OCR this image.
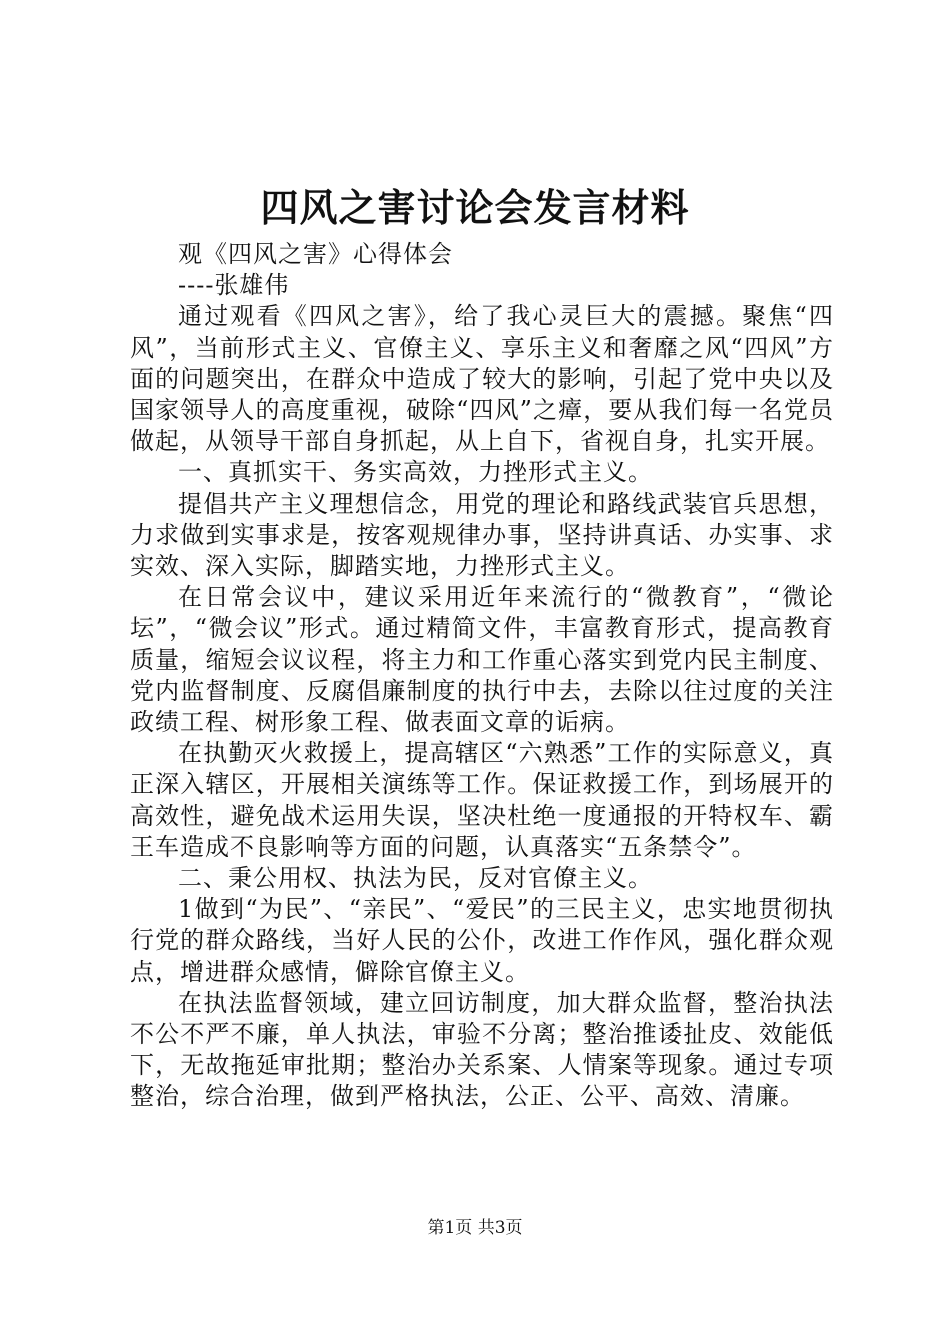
四风之害讨论会发言材料

观《四风之害》心得体会

----张雄伟

通过观看《四风之害》，给了我心灵巨大的震撼。聚焦“四风”，当前形式主义、官僚主义、享乐主义和奢靡之风“四风”方面的问题突出，在群众中造成了较大的影响，引起了党中央以及国家领导人的高度重视，破除“四风”之瘴，要从我们每一名党员做起，从领导干部自身抓起，从上自下，省视自身，扎实开展。

一、真抓实干、务实高效，力挫形式主义。

提倡共产主义理想信念，用党的理论和路线武装官兵思想，力求做到实事求是，按客观规律办事，坚持讲真话、办实事、求实效、深入实际，脚踏实地，力挫形式主义。

在日常会议中，建议采用近年来流行的“微教育”，“微论坛”，“微会议”形式。通过精简文件，丰富教育形式，提高教育质量，缩短会议议程，将主力和工作重心落实到党内民主制度、党内监督制度、反腐倡廉制度的执行中去，去除以往过度的关注政绩工程、树形象工程、做表面文章的诟病。

在执勤灭火救援上，提高辖区“六熟悉”工作的实际意义，真正深入辖区，开展相关演练等工作。保证救援工作，到场展开的高效性，避免战术运用失误，坚决杜绝一度通报的开特权车、霸王车造成不良影响等方面的问题，认真落实“五条禁令”。

二、秉公用权、执法为民，反对官僚主义。

1做到“为民”、“亲民”、“爱民”的三民主义，忠实地贯彻执行党的群众路线，当好人民的公仆，改进工作作风，强化群众观点，增进群众感情，僻除官僚主义。

在执法监督领域，建立回访制度，加大群众监督，整治执法不公不严不廉，单人执法，审验不分离；整治推诿扯皮、效能低下，无故拖延审批期；整治办关系案、人情案等现象。通过专项整治，综合治理，做到严格执法，公正、公平、高效、清廉。

第1页 共3页
